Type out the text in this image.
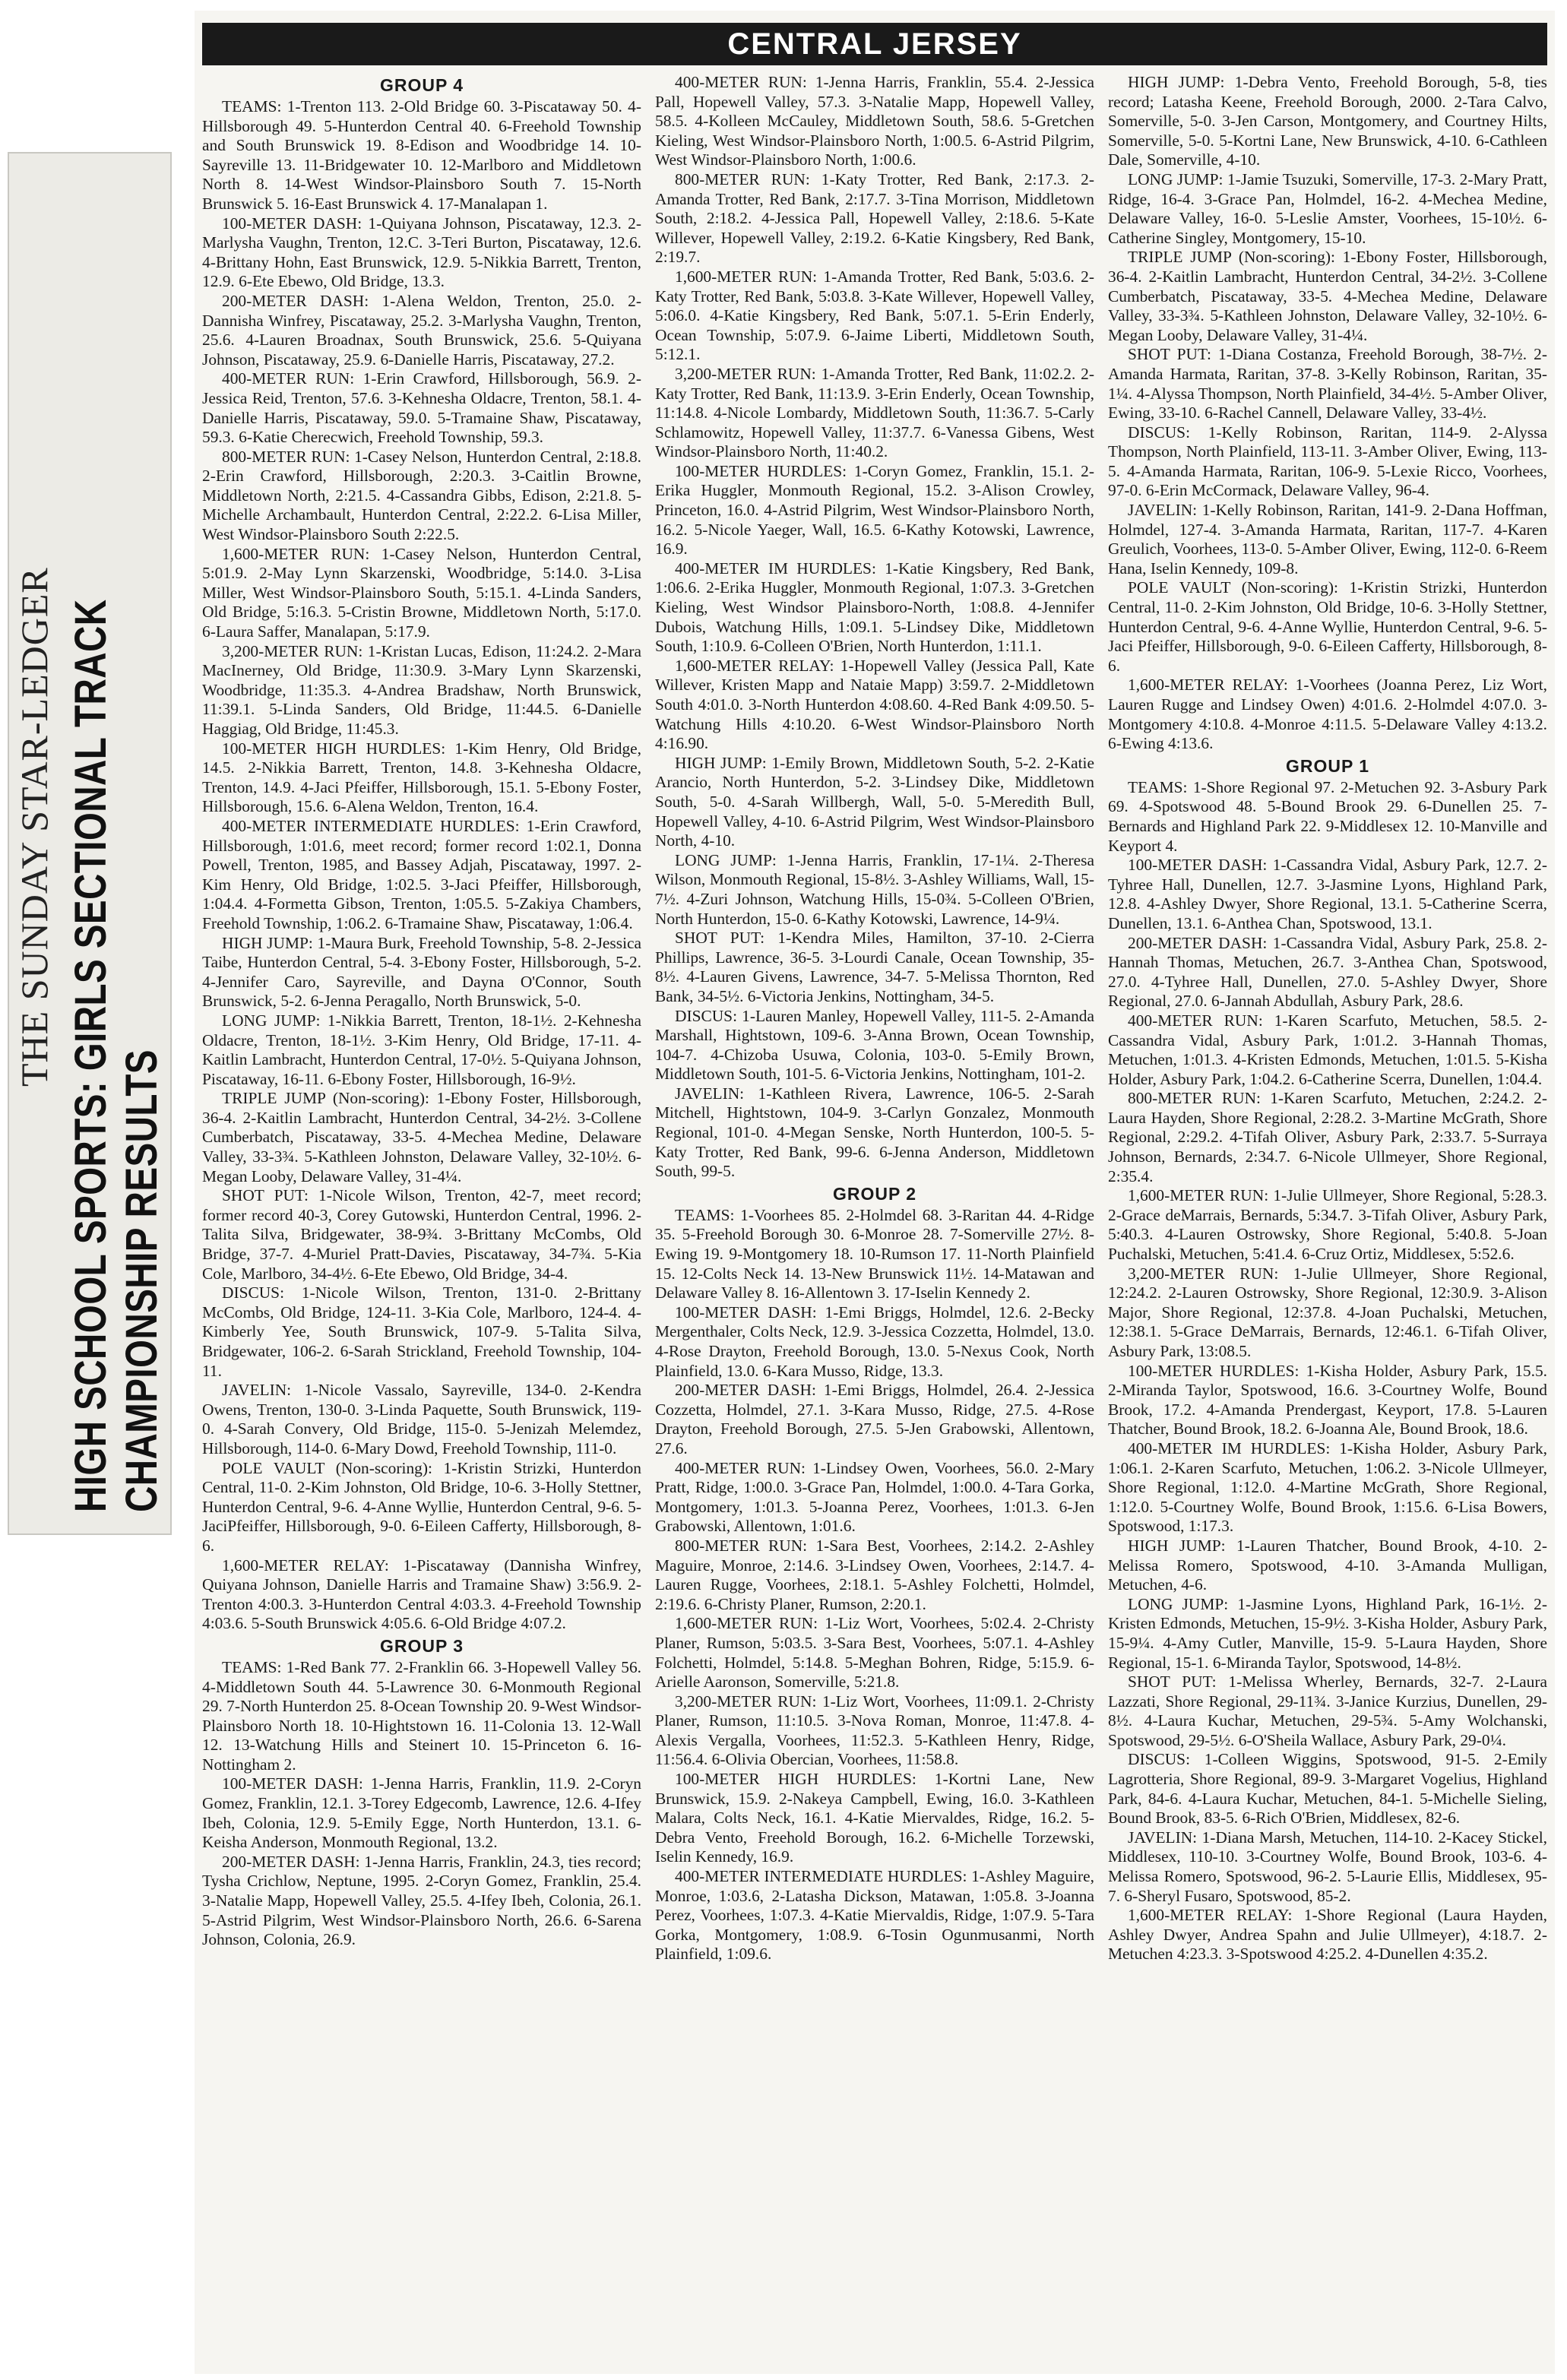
THE SUNDAY STAR-LEDGER HIGH SCHOOL SPORTS: GIRLS SECTIONAL TRACK CHAMPIONSHIP RESULTS
CENTRAL JERSEY
GROUP 4

TEAMS: 1-Trenton 113. 2-Old Bridge 60. 3-Piscataway 50. 4-Hillsborough 49. 5-Hunterdon Central 40. 6-Freehold Township and South Brunswick 19. 8-Edison and Woodbridge 14. 10-Sayreville 13. 11-Bridgewater 10. 12-Marlboro and Middletown North 8. 14-West Windsor-Plainsboro South 7. 15-North Brunswick 5. 16-East Brunswick 4. 17-Manalapan 1.

100-METER DASH: 1-Quiyana Johnson, Piscataway, 12.3. 2-Marlysha Vaughn, Trenton, 12.C. 3-Teri Burton, Piscataway, 12.6. 4-Brittany Hohn, East Brunswick, 12.9. 5-Nikkia Barrett, Trenton, 12.9. 6-Ete Ebewo, Old Bridge, 13.3.

200-METER DASH: 1-Alena Weldon, Trenton, 25.0. 2-Dannisha Winfrey, Piscataway, 25.2. 3-Marlysha Vaughn, Trenton, 25.6. 4-Lauren Broadnax, South Brunswick, 25.6. 5-Quiyana Johnson, Piscataway, 25.9. 6-Danielle Harris, Piscataway, 27.2.

400-METER RUN: 1-Erin Crawford, Hillsborough, 56.9. 2-Jessica Reid, Trenton, 57.6. 3-Kehnesha Oldacre, Trenton, 58.1. 4-Danielle Harris, Piscataway, 59.0. 5-Tramaine Shaw, Piscataway, 59.3. 6-Katie Cherecwich, Freehold Township, 59.3.

800-METER RUN: 1-Casey Nelson, Hunterdon Central, 2:18.8. 2-Erin Crawford, Hillsborough, 2:20.3. 3-Caitlin Browne, Middletown North, 2:21.5. 4-Cassandra Gibbs, Edison, 2:21.8. 5-Michelle Archambault, Hunterdon Central, 2:22.2. 6-Lisa Miller, West Windsor-Plainsboro South 2:22.5.

1,600-METER RUN: 1-Casey Nelson, Hunterdon Central, 5:01.9. 2-May Lynn Skarzenski, Woodbridge, 5:14.0. 3-Lisa Miller, West Windsor-Plainsboro South, 5:15.1. 4-Linda Sanders, Old Bridge, 5:16.3. 5-Cristin Browne, Middletown North, 5:17.0. 6-Laura Saffer, Manalapan, 5:17.9.

3,200-METER RUN: 1-Kristan Lucas, Edison, 11:24.2. 2-Mara MacInerney, Old Bridge, 11:30.9. 3-Mary Lynn Skarzenski, Woodbridge, 11:35.3. 4-Andrea Bradshaw, North Brunswick, 11:39.1. 5-Linda Sanders, Old Bridge, 11:44.5. 6-Danielle Haggiag, Old Bridge, 11:45.3.

100-METER HIGH HURDLES: 1-Kim Henry, Old Bridge, 14.5. 2-Nikkia Barrett, Trenton, 14.8. 3-Kehnesha Oldacre, Trenton, 14.9. 4-Jaci Pfeiffer, Hillsborough, 15.1. 5-Ebony Foster, Hillsborough, 15.6. 6-Alena Weldon, Trenton, 16.4.

400-METER INTERMEDIATE HURDLES: 1-Erin Crawford, Hillsborough, 1:01.6, meet record; former record 1:02.1, Donna Powell, Trenton, 1985, and Bassey Adjah, Piscataway, 1997. 2-Kim Henry, Old Bridge, 1:02.5. 3-Jaci Pfeiffer, Hillsborough, 1:04.4. 4-Formetta Gibson, Trenton, 1:05.5. 5-Zakiya Chambers, Freehold Township, 1:06.2. 6-Tramaine Shaw, Piscataway, 1:06.4.

HIGH JUMP: 1-Maura Burk, Freehold Township, 5-8. 2-Jessica Taibe, Hunterdon Central, 5-4. 3-Ebony Foster, Hillsborough, 5-2. 4-Jennifer Caro, Sayreville, and Dayna O'Connor, South Brunswick, 5-2. 6-Jenna Peragallo, North Brunswick, 5-0.

LONG JUMP: 1-Nikkia Barrett, Trenton, 18-1½. 2-Kehnesha Oldacre, Trenton, 18-1½. 3-Kim Henry, Old Bridge, 17-11. 4-Kaitlin Lambracht, Hunterdon Central, 17-0½. 5-Quiyana Johnson, Piscataway, 16-11. 6-Ebony Foster, Hillsborough, 16-9½.

TRIPLE JUMP (Non-scoring): 1-Ebony Foster, Hillsborough, 36-4. 2-Kaitlin Lambracht, Hunterdon Central, 34-2½. 3-Collene Cumberbatch, Piscataway, 33-5. 4-Mechea Medine, Delaware Valley, 33-3¾. 5-Kathleen Johnston, Delaware Valley, 32-10½. 6-Megan Looby, Delaware Valley, 31-4¼.

SHOT PUT: 1-Nicole Wilson, Trenton, 42-7, meet record; former record 40-3, Corey Gutowski, Hunterdon Central, 1996. 2-Talita Silva, Bridgewater, 38-9¾. 3-Brittany McCombs, Old Bridge, 37-7. 4-Muriel Pratt-Davies, Piscataway, 34-7¾. 5-Kia Cole, Marlboro, 34-4½. 6-Ete Ebewo, Old Bridge, 34-4.

DISCUS: 1-Nicole Wilson, Trenton, 131-0. 2-Brittany McCombs, Old Bridge, 124-11. 3-Kia Cole, Marlboro, 124-4. 4-Kimberly Yee, South Brunswick, 107-9. 5-Talita Silva, Bridgewater, 106-2. 6-Sarah Strickland, Freehold Township, 104-11.

JAVELIN: 1-Nicole Vassalo, Sayreville, 134-0. 2-Kendra Owens, Trenton, 130-0. 3-Linda Paquette, South Brunswick, 119-0. 4-Sarah Convery, Old Bridge, 115-0. 5-Jenizah Melemdez, Hillsborough, 114-0. 6-Mary Dowd, Freehold Township, 111-0.

POLE VAULT (Non-scoring): 1-Kristin Strizki, Hunterdon Central, 11-0. 2-Kim Johnston, Old Bridge, 10-6. 3-Holly Stettner, Hunterdon Central, 9-6. 4-Anne Wyllie, Hunterdon Central, 9-6. 5-JaciPfeiffer, Hillsborough, 9-0. 6-Eileen Cafferty, Hillsborough, 8-6.

1,600-METER RELAY: 1-Piscataway (Dannisha Winfrey, Quiyana Johnson, Danielle Harris and Tramaine Shaw) 3:56.9. 2-Trenton 4:00.3. 3-Hunterdon Central 4:03.3. 4-Freehold Township 4:03.6. 5-South Brunswick 4:05.6. 6-Old Bridge 4:07.2.

GROUP 3

TEAMS: 1-Red Bank 77. 2-Franklin 66. 3-Hopewell Valley 56. 4-Middletown South 44. 5-Lawrence 30. 6-Monmouth Regional 29. 7-North Hunterdon 25. 8-Ocean Township 20. 9-West Windsor-Plainsboro North 18. 10-Hightstown 16. 11-Colonia 13. 12-Wall 12. 13-Watchung Hills and Steinert 10. 15-Princeton 6. 16-Nottingham 2.

100-METER DASH: 1-Jenna Harris, Franklin, 11.9. 2-Coryn Gomez, Franklin, 12.1. 3-Torey Edgecomb, Lawrence, 12.6. 4-Ifey Ibeh, Colonia, 12.9. 5-Emily Egge, North Hunterdon, 13.1. 6-Keisha Anderson, Monmouth Regional, 13.2.

200-METER DASH: 1-Jenna Harris, Franklin, 24.3, ties record; Tysha Crichlow, Neptune, 1995. 2-Coryn Gomez, Franklin, 25.4. 3-Natalie Mapp, Hopewell Valley, 25.5. 4-Ifey Ibeh, Colonia, 26.1. 5-Astrid Pilgrim, West Windsor-Plainsboro North, 26.6. 6-Sarena Johnson, Colonia, 26.9.

400-METER RUN: 1-Jenna Harris, Franklin, 55.4. 2-Jessica Pall, Hopewell Valley, 57.3. 3-Natalie Mapp, Hopewell Valley, 58.5. 4-Kolleen McCauley, Middletown South, 58.6. 5-Gretchen Kieling, West Windsor-Plainsboro North, 1:00.5. 6-Astrid Pilgrim, West Windsor-Plainsboro North, 1:00.6.

800-METER RUN: 1-Katy Trotter, Red Bank, 2:17.3. 2-Amanda Trotter, Red Bank, 2:17.7. 3-Tina Morrison, Middletown South, 2:18.2. 4-Jessica Pall, Hopewell Valley, 2:18.6. 5-Kate Willever, Hopewell Valley, 2:19.2. 6-Katie Kingsbery, Red Bank, 2:19.7.

1,600-METER RUN: 1-Amanda Trotter, Red Bank, 5:03.6. 2-Katy Trotter, Red Bank, 5:03.8. 3-Kate Willever, Hopewell Valley, 5:06.0. 4-Katie Kingsbery, Red Bank, 5:07.1. 5-Erin Enderly, Ocean Township, 5:07.9. 6-Jaime Liberti, Middletown South, 5:12.1.

3,200-METER RUN: 1-Amanda Trotter, Red Bank, 11:02.2. 2-Katy Trotter, Red Bank, 11:13.9. 3-Erin Enderly, Ocean Township, 11:14.8. 4-Nicole Lombardy, Middletown South, 11:36.7. 5-Carly Schlamowitz, Hopewell Valley, 11:37.7. 6-Vanessa Gibens, West Windsor-Plainsboro North, 11:40.2.

100-METER HURDLES: 1-Coryn Gomez, Franklin, 15.1. 2-Erika Huggler, Monmouth Regional, 15.2. 3-Alison Crowley, Princeton, 16.0. 4-Astrid Pilgrim, West Windsor-Plainsboro North, 16.2. 5-Nicole Yaeger, Wall, 16.5. 6-Kathy Kotowski, Lawrence, 16.9.

400-METER IM HURDLES: 1-Katie Kingsbery, Red Bank, 1:06.6. 2-Erika Huggler, Monmouth Regional, 1:07.3. 3-Gretchen Kieling, West Windsor Plainsboro-North, 1:08.8. 4-Jennifer Dubois, Watchung Hills, 1:09.1. 5-Lindsey Dike, Middletown South, 1:10.9. 6-Colleen O'Brien, North Hunterdon, 1:11.1.

1,600-METER RELAY: 1-Hopewell Valley (Jessica Pall, Kate Willever, Kristen Mapp and Nataie Mapp) 3:59.7. 2-Middletown South 4:01.0. 3-North Hunterdon 4:08.60. 4-Red Bank 4:09.50. 5-Watchung Hills 4:10.20. 6-West Windsor-Plainsboro North 4:16.90.

HIGH JUMP: 1-Emily Brown, Middletown South, 5-2. 2-Katie Arancio, North Hunterdon, 5-2. 3-Lindsey Dike, Middletown South, 5-0. 4-Sarah Willbergh, Wall, 5-0. 5-Meredith Bull, Hopewell Valley, 4-10. 6-Astrid Pilgrim, West Windsor-Plainsboro North, 4-10.

LONG JUMP: 1-Jenna Harris, Franklin, 17-1¼. 2-Theresa Wilson, Monmouth Regional, 15-8½. 3-Ashley Williams, Wall, 15-7½. 4-Zuri Johnson, Watchung Hills, 15-0¾. 5-Colleen O'Brien, North Hunterdon, 15-0. 6-Kathy Kotowski, Lawrence, 14-9¼.

SHOT PUT: 1-Kendra Miles, Hamilton, 37-10. 2-Cierra Phillips, Lawrence, 36-5. 3-Lourdi Canale, Ocean Township, 35-8½. 4-Lauren Givens, Lawrence, 34-7. 5-Melissa Thornton, Red Bank, 34-5½. 6-Victoria Jenkins, Nottingham, 34-5.

DISCUS: 1-Lauren Manley, Hopewell Valley, 111-5. 2-Amanda Marshall, Hightstown, 109-6. 3-Anna Brown, Ocean Township, 104-7. 4-Chizoba Usuwa, Colonia, 103-0. 5-Emily Brown, Middletown South, 101-5. 6-Victoria Jenkins, Nottingham, 101-2.

JAVELIN: 1-Kathleen Rivera, Lawrence, 106-5. 2-Sarah Mitchell, Hightstown, 104-9. 3-Carlyn Gonzalez, Monmouth Regional, 101-0. 4-Megan Senske, North Hunterdon, 100-5. 5-Katy Trotter, Red Bank, 99-6. 6-Jenna Anderson, Middletown South, 99-5.

GROUP 2

TEAMS: 1-Voorhees 85. 2-Holmdel 68. 3-Raritan 44. 4-Ridge 35. 5-Freehold Borough 30. 6-Monroe 28. 7-Somerville 27½. 8-Ewing 19. 9-Montgomery 18. 10-Rumson 17. 11-North Plainfield 15. 12-Colts Neck 14. 13-New Brunswick 11½. 14-Matawan and Delaware Valley 8. 16-Allentown 3. 17-Iselin Kennedy 2.

100-METER DASH: 1-Emi Briggs, Holmdel, 12.6. 2-Becky Mergenthaler, Colts Neck, 12.9. 3-Jessica Cozzetta, Holmdel, 13.0. 4-Rose Drayton, Freehold Borough, 13.0. 5-Nexus Cook, North Plainfield, 13.0. 6-Kara Musso, Ridge, 13.3.

200-METER DASH: 1-Emi Briggs, Holmdel, 26.4. 2-Jessica Cozzetta, Holmdel, 27.1. 3-Kara Musso, Ridge, 27.5. 4-Rose Drayton, Freehold Borough, 27.5. 5-Jen Grabowski, Allentown, 27.6.

400-METER RUN: 1-Lindsey Owen, Voorhees, 56.0. 2-Mary Pratt, Ridge, 1:00.0. 3-Grace Pan, Holmdel, 1:00.0. 4-Tara Gorka, Montgomery, 1:01.3. 5-Joanna Perez, Voorhees, 1:01.3. 6-Jen Grabowski, Allentown, 1:01.6.

800-METER RUN: 1-Sara Best, Voorhees, 2:14.2. 2-Ashley Maguire, Monroe, 2:14.6. 3-Lindsey Owen, Voorhees, 2:14.7. 4-Lauren Rugge, Voorhees, 2:18.1. 5-Ashley Folchetti, Holmdel, 2:19.6. 6-Christy Planer, Rumson, 2:20.1.

1,600-METER RUN: 1-Liz Wort, Voorhees, 5:02.4. 2-Christy Planer, Rumson, 5:03.5. 3-Sara Best, Voorhees, 5:07.1. 4-Ashley Folchetti, Holmdel, 5:14.8. 5-Meghan Bohren, Ridge, 5:15.9. 6-Arielle Aaronson, Somerville, 5:21.8.

3,200-METER RUN: 1-Liz Wort, Voorhees, 11:09.1. 2-Christy Planer, Rumson, 11:10.5. 3-Nova Roman, Monroe, 11:47.8. 4-Alexis Vergalla, Voorhees, 11:52.3. 5-Kathleen Henry, Ridge, 11:56.4. 6-Olivia Obercian, Voorhees, 11:58.8.

100-METER HIGH HURDLES: 1-Kortni Lane, New Brunswick, 15.9. 2-Nakeya Campbell, Ewing, 16.0. 3-Kathleen Malara, Colts Neck, 16.1. 4-Katie Miervaldes, Ridge, 16.2. 5-Debra Vento, Freehold Borough, 16.2. 6-Michelle Torzewski, Iselin Kennedy, 16.9.

400-METER INTERMEDIATE HURDLES: 1-Ashley Maguire, Monroe, 1:03.6, 2-Latasha Dickson, Matawan, 1:05.8. 3-Joanna Perez, Voorhees, 1:07.3. 4-Katie Miervaldis, Ridge, 1:07.9. 5-Tara Gorka, Montgomery, 1:08.9. 6-Tosin Ogunmusanmi, North Plainfield, 1:09.6.

HIGH JUMP: 1-Debra Vento, Freehold Borough, 5-8, ties record; Latasha Keene, Freehold Borough, 2000. 2-Tara Calvo, Somerville, 5-0. 3-Jen Carson, Montgomery, and Courtney Hilts, Somerville, 5-0. 5-Kortni Lane, New Brunswick, 4-10. 6-Cathleen Dale, Somerville, 4-10.

LONG JUMP: 1-Jamie Tsuzuki, Somerville, 17-3. 2-Mary Pratt, Ridge, 16-4. 3-Grace Pan, Holmdel, 16-2. 4-Mechea Medine, Delaware Valley, 16-0. 5-Leslie Amster, Voorhees, 15-10½. 6-Catherine Singley, Montgomery, 15-10.

TRIPLE JUMP (Non-scoring): 1-Ebony Foster, Hillsborough, 36-4. 2-Kaitlin Lambracht, Hunterdon Central, 34-2½. 3-Collene Cumberbatch, Piscataway, 33-5. 4-Mechea Medine, Delaware Valley, 33-3¾. 5-Kathleen Johnston, Delaware Valley, 32-10½. 6-Megan Looby, Delaware Valley, 31-4¼.

SHOT PUT: 1-Diana Costanza, Freehold Borough, 38-7½. 2-Amanda Harmata, Raritan, 37-8. 3-Kelly Robinson, Raritan, 35-1¼. 4-Alyssa Thompson, North Plainfield, 34-4½. 5-Amber Oliver, Ewing, 33-10. 6-Rachel Cannell, Delaware Valley, 33-4½.

DISCUS: 1-Kelly Robinson, Raritan, 114-9. 2-Alyssa Thompson, North Plainfield, 113-11. 3-Amber Oliver, Ewing, 113-5. 4-Amanda Harmata, Raritan, 106-9. 5-Lexie Ricco, Voorhees, 97-0. 6-Erin McCormack, Delaware Valley, 96-4.

JAVELIN: 1-Kelly Robinson, Raritan, 141-9. 2-Dana Hoffman, Holmdel, 127-4. 3-Amanda Harmata, Raritan, 117-7. 4-Karen Greulich, Voorhees, 113-0. 5-Amber Oliver, Ewing, 112-0. 6-Reem Hana, Iselin Kennedy, 109-8.

POLE VAULT (Non-scoring): 1-Kristin Strizki, Hunterdon Central, 11-0. 2-Kim Johnston, Old Bridge, 10-6. 3-Holly Stettner, Hunterdon Central, 9-6. 4-Anne Wyllie, Hunterdon Central, 9-6. 5-Jaci Pfeiffer, Hillsborough, 9-0. 6-Eileen Cafferty, Hillsborough, 8-6.

1,600-METER RELAY: 1-Voorhees (Joanna Perez, Liz Wort, Lauren Rugge and Lindsey Owen) 4:01.6. 2-Holmdel 4:07.0. 3-Montgomery 4:10.8. 4-Monroe 4:11.5. 5-Delaware Valley 4:13.2. 6-Ewing 4:13.6.

GROUP 1

TEAMS: 1-Shore Regional 97. 2-Metuchen 92. 3-Asbury Park 69. 4-Spotswood 48. 5-Bound Brook 29. 6-Dunellen 25. 7-Bernards and Highland Park 22. 9-Middlesex 12. 10-Manville and Keyport 4.

100-METER DASH: 1-Cassandra Vidal, Asbury Park, 12.7. 2-Tyhree Hall, Dunellen, 12.7. 3-Jasmine Lyons, Highland Park, 12.8. 4-Ashley Dwyer, Shore Regional, 13.1. 5-Catherine Scerra, Dunellen, 13.1. 6-Anthea Chan, Spotswood, 13.1.

200-METER DASH: 1-Cassandra Vidal, Asbury Park, 25.8. 2-Hannah Thomas, Metuchen, 26.7. 3-Anthea Chan, Spotswood, 27.0. 4-Tyhree Hall, Dunellen, 27.0. 5-Ashley Dwyer, Shore Regional, 27.0. 6-Jannah Abdullah, Asbury Park, 28.6.

400-METER RUN: 1-Karen Scarfuto, Metuchen, 58.5. 2-Cassandra Vidal, Asbury Park, 1:01.2. 3-Hannah Thomas, Metuchen, 1:01.3. 4-Kristen Edmonds, Metuchen, 1:01.5. 5-Kisha Holder, Asbury Park, 1:04.2. 6-Catherine Scerra, Dunellen, 1:04.4.

800-METER RUN: 1-Karen Scarfuto, Metuchen, 2:24.2. 2-Laura Hayden, Shore Regional, 2:28.2. 3-Martine McGrath, Shore Regional, 2:29.2. 4-Tifah Oliver, Asbury Park, 2:33.7. 5-Surraya Johnson, Bernards, 2:34.7. 6-Nicole Ullmeyer, Shore Regional, 2:35.4.

1,600-METER RUN: 1-Julie Ullmeyer, Shore Regional, 5:28.3. 2-Grace deMarrais, Bernards, 5:34.7. 3-Tifah Oliver, Asbury Park, 5:40.3. 4-Lauren Ostrowsky, Shore Regional, 5:40.8. 5-Joan Puchalski, Metuchen, 5:41.4. 6-Cruz Ortiz, Middlesex, 5:52.6.

3,200-METER RUN: 1-Julie Ullmeyer, Shore Regional, 12:24.2. 2-Lauren Ostrowsky, Shore Regional, 12:30.9. 3-Alison Major, Shore Regional, 12:37.8. 4-Joan Puchalski, Metuchen, 12:38.1. 5-Grace DeMarrais, Bernards, 12:46.1. 6-Tifah Oliver, Asbury Park, 13:08.5.

100-METER HURDLES: 1-Kisha Holder, Asbury Park, 15.5. 2-Miranda Taylor, Spotswood, 16.6. 3-Courtney Wolfe, Bound Brook, 17.2. 4-Amanda Prendergast, Keyport, 17.8. 5-Lauren Thatcher, Bound Brook, 18.2. 6-Joanna Ale, Bound Brook, 18.6.

400-METER IM HURDLES: 1-Kisha Holder, Asbury Park, 1:06.1. 2-Karen Scarfuto, Metuchen, 1:06.2. 3-Nicole Ullmeyer, Shore Regional, 1:12.0. 4-Martine McGrath, Shore Regional, 1:12.0. 5-Courtney Wolfe, Bound Brook, 1:15.6. 6-Lisa Bowers, Spotswood, 1:17.3.

HIGH JUMP: 1-Lauren Thatcher, Bound Brook, 4-10. 2-Melissa Romero, Spotswood, 4-10. 3-Amanda Mulligan, Metuchen, 4-6.

LONG JUMP: 1-Jasmine Lyons, Highland Park, 16-1½. 2-Kristen Edmonds, Metuchen, 15-9½. 3-Kisha Holder, Asbury Park, 15-9¼. 4-Amy Cutler, Manville, 15-9. 5-Laura Hayden, Shore Regional, 15-1. 6-Miranda Taylor, Spotswood, 14-8½.

SHOT PUT: 1-Melissa Wherley, Bernards, 32-7. 2-Laura Lazzati, Shore Regional, 29-11¾. 3-Janice Kurzius, Dunellen, 29-8½. 4-Laura Kuchar, Metuchen, 29-5¾. 5-Amy Wolchanski, Spotswood, 29-5½. 6-O'Sheila Wallace, Asbury Park, 29-0¼.

DISCUS: 1-Colleen Wiggins, Spotswood, 91-5. 2-Emily Lagrotteria, Shore Regional, 89-9. 3-Margaret Vogelius, Highland Park, 84-6. 4-Laura Kuchar, Metuchen, 84-1. 5-Michelle Sieling, Bound Brook, 83-5. 6-Rich O'Brien, Middlesex, 82-6.

JAVELIN: 1-Diana Marsh, Metuchen, 114-10. 2-Kacey Stickel, Middlesex, 110-10. 3-Courtney Wolfe, Bound Brook, 103-6. 4-Melissa Romero, Spotswood, 96-2. 5-Laurie Ellis, Middlesex, 95-7. 6-Sheryl Fusaro, Spotswood, 85-2.

1,600-METER RELAY: 1-Shore Regional (Laura Hayden, Ashley Dwyer, Andrea Spahn and Julie Ullmeyer), 4:18.7. 2-Metuchen 4:23.3. 3-Spotswood 4:25.2. 4-Dunellen 4:35.2.
